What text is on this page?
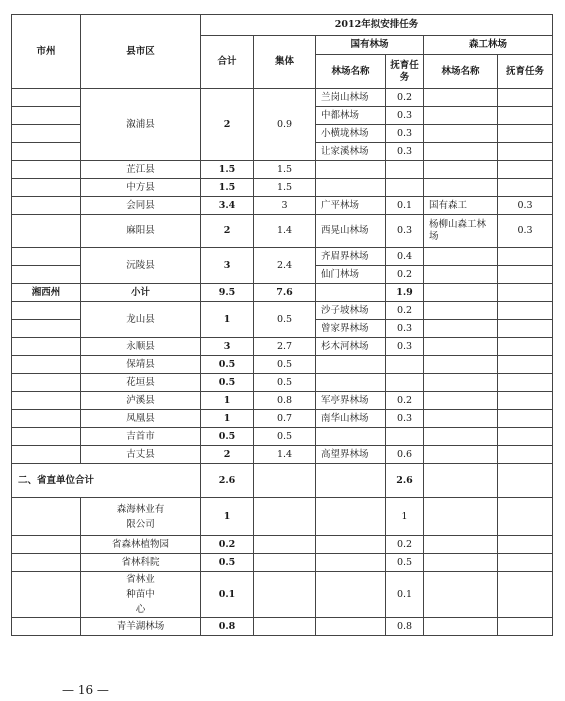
市州	县市区	2012年拟安排任务					
		合计	集体	国有林场		森工林场	
				林场名称	抚育任务	林场名称	抚育任务
	溆浦县	2	0.9	兰岗山林场	0.2		
				中都林场	0.3		
				小横垅林场	0.3		
				让家溪林场	0.3		
	芷江县	1.5	1.5				
	中方县	1.5	1.5				
	会同县	3.4	3	广平林场	0.1	国有森工	0.3
	麻阳县	2	1.4	西晃山林场	0.3	杨柳山森工林场	0.3
	沅陵县	3	2.4	齐眉界林场	0.4		
				仙门林场	0.2		
湘西州	小计	9.5	7.6		1.9		
	龙山县	1	0.5	沙子坡林场	0.2		
				曾家界林场	0.3		
	永顺县	3	2.7	杉木河林场	0.3		
	保靖县	0.5	0.5				
	花垣县	0.5	0.5				
	泸溪县	1	0.8	军亭界林场	0.2		
	凤凰县	1	0.7	南华山林场	0.3		
	吉首市	0.5	0.5				
	古丈县	2	1.4	高望界林场	0.6		
二、省直单位合计		2.6			2.6		
	森海林业有限公司	1			1		
	省森林植物园	0.2			0.2		
	省林科院	0.5			0.5		
	省林业种苗中心	0.1			0.1		
	青羊湖林场	0.8			0.8		
— 16 —
